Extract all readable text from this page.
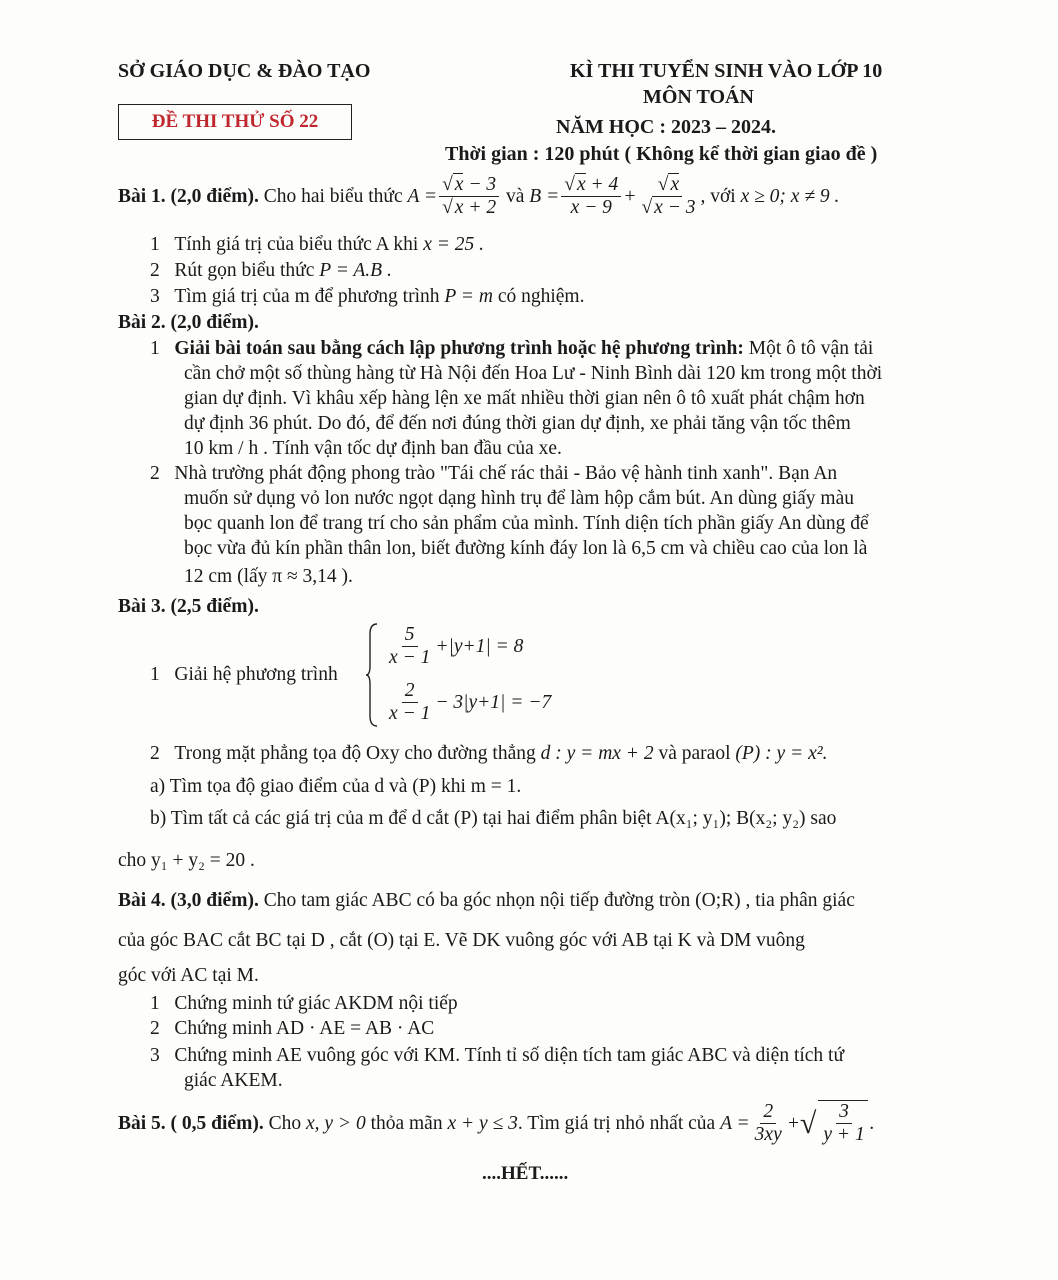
SỞ GIÁO DỤC & ĐÀO TẠO
ĐỀ THI THỬ SỐ 22
KÌ THI TUYỂN SINH VÀO LỚP 10
MÔN TOÁN
NĂM HỌC : 2023 – 2024.
Thời gian : 120 phút ( Không kể thời gian giao đề )
Bài 1. (2,0 điểm).
Cho hai biểu thức
$A = \frac{√ x - 3}{√ x + 2}$
và
$B = \frac{√ x + 4}{x - 9} + \frac{√ x}{√ x - 3}$ , với
x ≥ 0; x ≠ 9 .
1 Tính giá trị của biểu thức A khi x = 25 .
2 Rút gọn biểu thức P = A.B .
3 Tìm giá trị của m để phương trình P = m có nghiệm.
Bài 2. (2,0 điểm).
1 Giải bài toán sau bằng cách lập phương trình hoặc hệ phương trình: Một ô tô vận tải
cần chở một số thùng hàng từ Hà Nội đến Hoa Lư - Ninh Bình dài 120 km trong một thời
gian dự định. Vì khâu xếp hàng lện xe mất nhiều thời gian nên ô tô xuất phát chậm hơn
dự định 36 phút. Do đó, để đến nơi đúng thời gian dự định, xe phải tăng vận tốc thêm
10 km / h . Tính vận tốc dự định ban đầu của xe.
2 Nhà trường phát động phong trào "Tái chế rác thải - Bảo vệ hành tinh xanh". Bạn An
muốn sử dụng vỏ lon nước ngọt dạng hình trụ để làm hộp cắm bút. An dùng giấy màu
bọc quanh lon để trang trí cho sản phẩm của mình. Tính diện tích phần giấy An dùng để
bọc vừa đủ kín phần thân lon, biết đường kính đáy lon là 6,5 cm và chiều cao của lon là
12 cm (lấy π ≈ 3,14 ).
Bài 3. (2,5 điểm).
1 Giải hệ phương trình
$\frac{5}{x - 1} +|y+1| = 8$
$\frac{2}{x - 1} - 3|y+1| = -7$
2 Trong mặt phẳng tọa độ Oxy cho đường thẳng d : y = mx + 2 và paraol (P) : y = x².
a) Tìm tọa độ giao điểm của d và (P) khi m = 1.
b) Tìm tất cả các giá trị của m để d cắt (P) tại hai điểm phân biệt A(x₁; y₁); B(x₂; y₂) sao
cho y₁ + y₂ = 20 .
Bài 4. (3,0 điểm). Cho tam giác ABC có ba góc nhọn nội tiếp đường tròn (O;R) , tia phân giác
của góc BAC cắt BC tại D , cắt (O) tại E. Vẽ DK vuông góc với AB tại K và DM vuông
góc với AC tại M.
1 Chứng minh tứ giác AKDM nội tiếp
2 Chứng minh AD · AE = AB · AC
3 Chứng minh AE vuông góc với KM. Tính tỉ số diện tích tam giác ABC và diện tích tứ
giác AKEM.
Bài 5. ( 0,5 điểm).
Cho
x, y > 0
thỏa mãn
x + y ≤ 3 . Tìm giá trị nhỏ nhất của
$A = \frac{2}{3xy}$ + √ $\frac{3}{y + 1}$ .
....HẾT......
